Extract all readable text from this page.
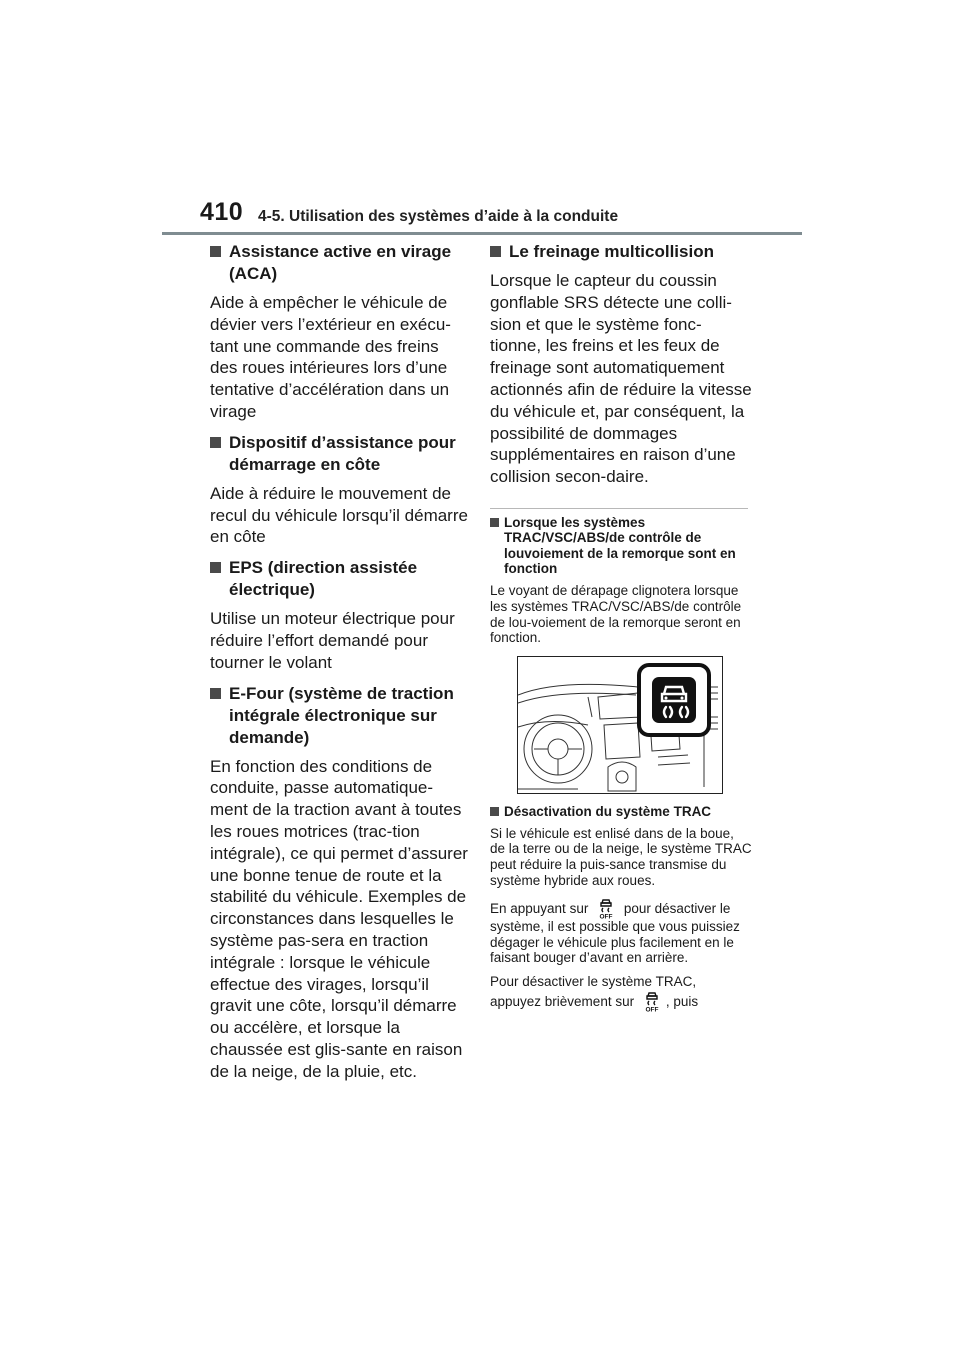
410 4-5. Utilisation des systèmes d’aide à la conduite
Assistance active en virage (ACA)

Aide à empêcher le véhicule de dévier vers l’extérieur en exécu-tant une commande des freins des roues intérieures lors d’une tentative d’accélération dans un virage

Dispositif d’assistance pour démarrage en côte

Aide à réduire le mouvement de recul du véhicule lorsqu’il démarre en côte

EPS (direction assistée électrique)

Utilise un moteur électrique pour réduire l’effort demandé pour tourner le volant

E-Four (système de traction intégrale électronique sur demande)

En fonction des conditions de conduite, passe automatique-ment de la traction avant à toutes les roues motrices (trac-tion intégrale), ce qui permet d’assurer une bonne tenue de route et la stabilité du véhicule. Exemples de circonstances dans lesquelles le système pas-sera en traction intégrale : lorsque le véhicule effectue des virages, lorsqu’il gravit une côte, lorsqu’il démarre ou accélère, et lorsque la chaussée est glis-sante en raison de la neige, de la pluie, etc.

Le freinage multicollision

Lorsque le capteur du coussin gonflable SRS détecte une colli-sion et que le système fonc-tionne, les freins et les feux de freinage sont automatiquement actionnés afin de réduire la vitesse du véhicule et, par conséquent, la possibilité de dommages supplémentaires en raison d’une collision secon-daire.

Lorsque les systèmes TRAC/VSC/ABS/de contrôle de louvoiement de la remorque sont en fonction

Le voyant de dérapage clignotera lorsque les systèmes TRAC/VSC/ABS/de contrôle de lou-voiement de la remorque seront en fonction.

Désactivation du système TRAC

Si le véhicule est enlisé dans de la boue, de la terre ou de la neige, le système TRAC peut réduire la puis-sance transmise du système hybride aux roues.

En appuyant sur
OFF
pour désactiver le système, il est possible que vous puissiez dégager le véhicule plus facilement en le faisant bouger d’avant en arrière.

Pour désactiver le système TRAC,
appuyez brièvement sur
OFF
, puis
